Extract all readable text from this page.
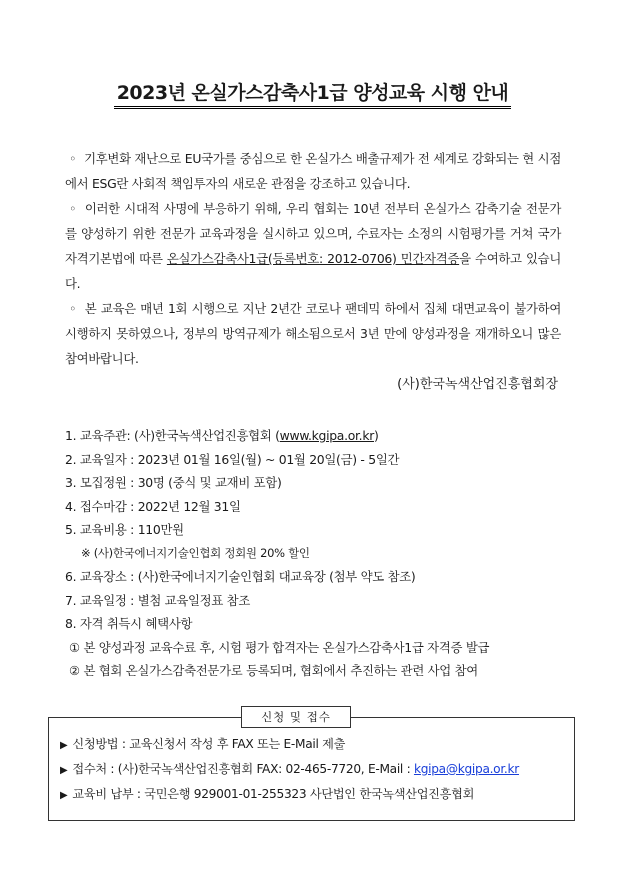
2023년 온실가스감축사1급 양성교육 시행 안내
◦ 기후변화 재난으로 EU국가를 중심으로 한 온실가스 배출규제가 전 세계로 강화되는 현 시점에서 ESG란 사회적 책임투자의 새로운 관점을 강조하고 있습니다.
◦ 이러한 시대적 사명에 부응하기 위해, 우리 협회는 10년 전부터 온실가스 감축기술 전문가를 양성하기 위한 전문가 교육과정을 실시하고 있으며, 수료자는 소정의 시험평가를 거쳐 국가자격기본법에 따른 온실가스감축사1급(등록번호: 2012-0706) 민간자격증을 수여하고 있습니다.
◦ 본 교육은 매년 1회 시행으로 지난 2년간 코로나 팬데믹 하에서 집체 대면교육이 불가하여 시행하지 못하였으나, 정부의 방역규제가 해소됨으로서 3년 만에 양성과정을 재개하오니 많은 참여바랍니다.
(사)한국녹색산업진흥협회장
1. 교육주관: (사)한국녹색산업진흥협회 (www.kgipa.or.kr)
2. 교육일자 : 2023년 01월 16일(월) ~ 01월 20일(금) - 5일간
3. 모집정원 : 30명 (중식 및 교재비 포함)
4. 접수마감 : 2022년 12월 31일
5. 교육비용 : 110만원
※ (사)한국에너지기술인협회 정회원 20% 할인
6. 교육장소 : (사)한국에너지기술인협회 대교육장 (첨부 약도 참조)
7. 교육일정 : 별첨 교육일정표 참조
8. 자격 취득시 혜택사항
① 본 양성과정 교육수료 후, 시험 평가 합격자는 온실가스감축사1급 자격증 발급
② 본 협회 온실가스감축전문가로 등록되며, 협회에서 추진하는 관련 사업 참여
신청 및 접수
▶ 신청방법 : 교육신청서 작성 후 FAX 또는 E-Mail 제출
▶ 접수처 : (사)한국녹색산업진흥협회 FAX: 02-465-7720, E-Mail : kgipa@kgipa.or.kr
▶ 교육비 납부 : 국민은행 929001-01-255323 사단법인 한국녹색산업진흥협회
